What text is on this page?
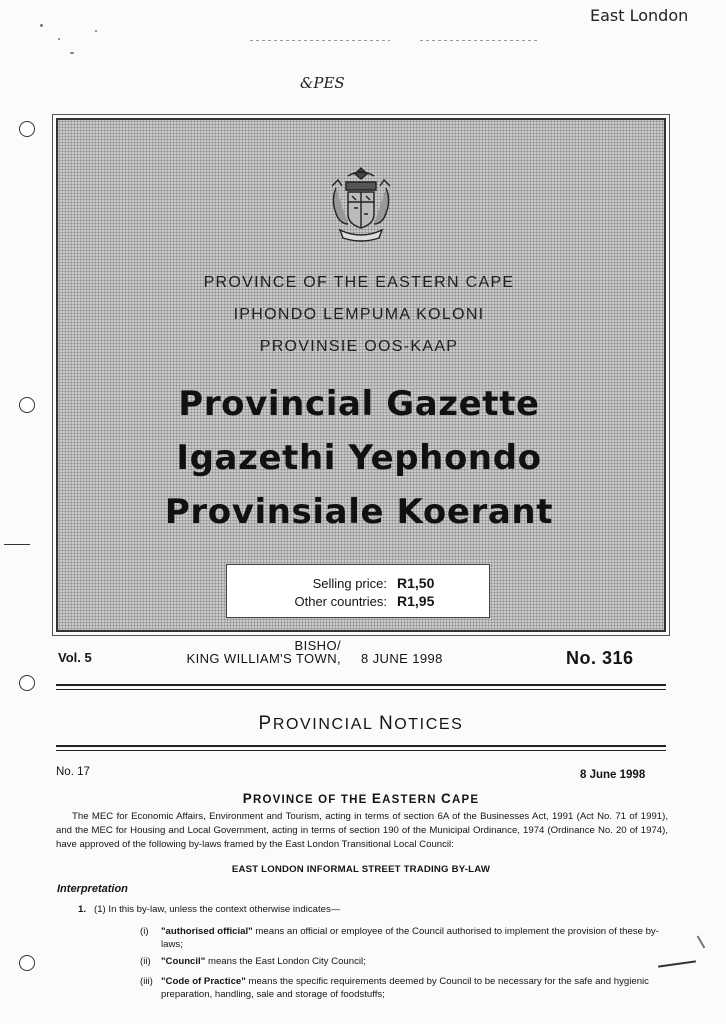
East London
&PES
PROVINCE OF THE EASTERN CAPE
IPHONDO LEMPUMA KOLONI
PROVINSIE OOS-KAAP
Provincial Gazette
Igazethi Yephondo
Provinsiale Koerant
Selling price: R1,50
Other countries: R1,95
Vol. 5
BISHO/
KING WILLIAM'S TOWN, 8 JUNE 1998	No. 316
PROVINCIAL NOTICES
No. 17	8 June 1998
PROVINCE OF THE EASTERN CAPE
The MEC for Economic Affairs, Environment and Tourism, acting in terms of section 6A of the Businesses Act, 1991 (Act No. 71 of 1991), and the MEC for Housing and Local Government, acting in terms of section 190 of the Municipal Ordinance, 1974 (Ordinance No. 20 of 1974), have approved of the following by-laws framed by the East London Transitional Local Council:
EAST LONDON INFORMAL STREET TRADING BY-LAW
Interpretation
1. (1) In this by-law, unless the context otherwise indicates—
(i)	"authorised official" means an official or employee of the Council authorised to implement the provision of these by-laws;
(ii)	"Council" means the East London City Council;
(iii) "Code of Practice" means the specific requirements deemed by Council to be necessary for the safe and hygienic preparation, handling, sale and storage of foodstuffs;
